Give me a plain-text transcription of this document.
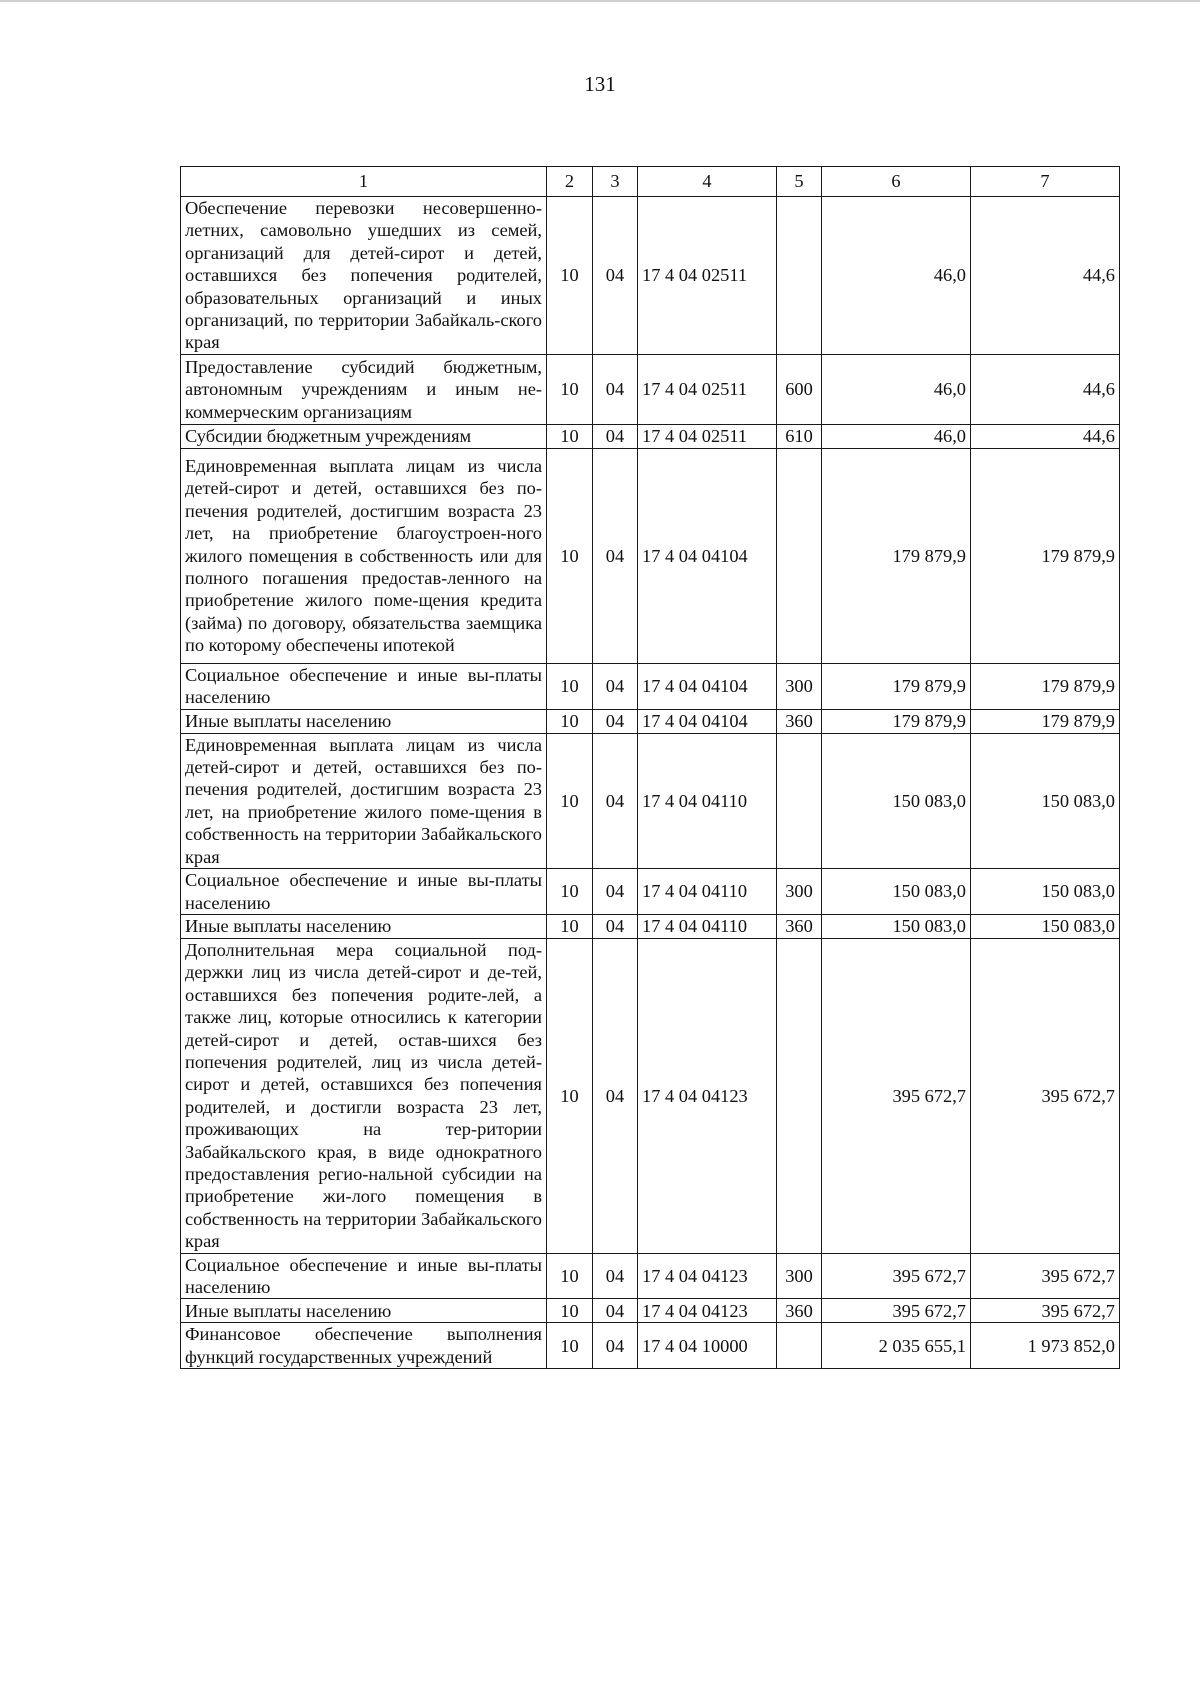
131
1	2	3	4	5	6	7
Обеспечение перевозки несовершенно-летних, самовольно ушедших из семей, организаций для детей-сирот и детей, оставшихся без попечения родителей, образовательных организаций и иных организаций, по территории Забайкаль-ского края	10	04	17 4 04 02511		46,0	44,6
Предоставление субсидий бюджетным, автономным учреждениям и иным не-коммерческим организациям	10	04	17 4 04 02511	600	46,0	44,6
Субсидии бюджетным учреждениям	10	04	17 4 04 02511	610	46,0	44,6
Единовременная выплата лицам из числа детей-сирот и детей, оставшихся без по-печения родителей, достигшим возраста 23 лет, на приобретение благоустроен-ного жилого помещения в собственность или для полного погашения предостав-ленного на приобретение жилого поме-щения кредита (займа) по договору, обязательства заемщика по которому обеспечены ипотекой	10	04	17 4 04 04104		179 879,9	179 879,9
Социальное обеспечение и иные вы-платы населению	10	04	17 4 04 04104	300	179 879,9	179 879,9
Иные выплаты населению	10	04	17 4 04 04104	360	179 879,9	179 879,9
Единовременная выплата лицам из числа детей-сирот и детей, оставшихся без по-печения родителей, достигшим возраста 23 лет, на приобретение жилого поме-щения в собственность на территории Забайкальского края	10	04	17 4 04 04110		150 083,0	150 083,0
Социальное обеспечение и иные вы-платы населению	10	04	17 4 04 04110	300	150 083,0	150 083,0
Иные выплаты населению	10	04	17 4 04 04110	360	150 083,0	150 083,0
Дополнительная мера социальной под-держки лиц из числа детей-сирот и де-тей, оставшихся без попечения родите-лей, а также лиц, которые относились к категории детей-сирот и детей, остав-шихся без попечения родителей, лиц из числа детей-сирот и детей, оставшихся без попечения родителей, и достигли возраста 23 лет, проживающих на тер-ритории Забайкальского края, в виде однократного предоставления регио-нальной субсидии на приобретение жи-лого помещения в собственность на территории Забайкальского края	10	04	17 4 04 04123		395 672,7	395 672,7
Социальное обеспечение и иные вы-платы населению	10	04	17 4 04 04123	300	395 672,7	395 672,7
Иные выплаты населению	10	04	17 4 04 04123	360	395 672,7	395 672,7
Финансовое обеспечение выполнения функций государственных учреждений	10	04	17 4 04 10000		2 035 655,1	1 973 852,0
